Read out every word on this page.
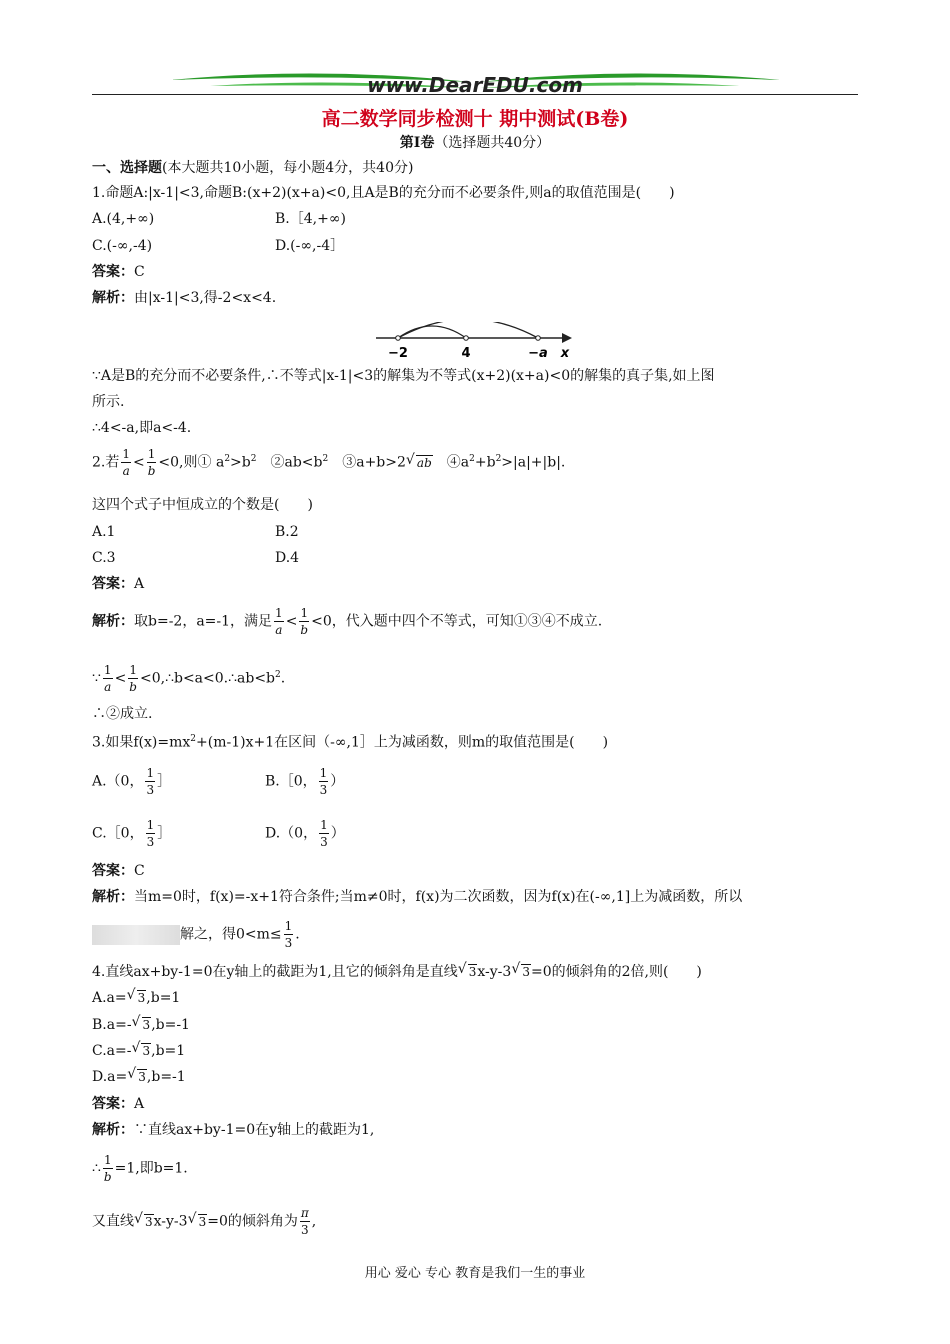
www.DearEDU.com
高二数学同步检测十 期中测试(B卷)
第Ⅰ卷（选择题共40分）
一、选择题(本大题共10小题，每小题4分，共40分)
1.命题A:|x-1|<3,命题B:(x+2)(x+a)<0,且A是B的充分而不必要条件,则a的取值范围是(　　)
A.(4,+∞)	B.［4,+∞)
C.(-∞,-4)	D.(-∞,-4］
答案：C
解析：由|x-1|<3,得-2<x<4.
−2	4	−a x
∵A是B的充分而不必要条件,∴不等式|x-1|<3的解集为不等式(x+2)(x+a)<0的解集的真子集,如上图
所示.
∴4<-a,即a<-4.
2.若 $\frac{1}{a} < \frac{1}{b} <0$,则① $a^2>b^2$　$②ab<b^2$　③a+b>2 √ ab　$④a^2+b^2>|a|+|b|$.
这四个式子中恒成立的个数是(　　)
A.1	B.2
C.3	D.4
答案：A
解析：取b=-2，a=-1，满足 $\frac{1}{a} < \frac{1}{b} <0$，代入题中四个不等式，可知①③④不成立.
∵ $\frac{1}{a} < \frac{1}{b}$ $<0,\therefore b<a<0.\therefore ab<b^2$.
∴②成立.
3.如果$f(x)=mx^2+(m-1)x+1$在区间（-∞,1］上为减函数，则m的取值范围是(　　)
A.（0， $\frac{1}{3}$ ］	B.［0， $\frac{1}{3}$ ）
C.［0， $\frac{1}{3}$ ］	D.（0， $\frac{1}{3}$ ）
答案：C
解析：当m=0时，f(x)=-x+1符合条件;当m≠0时，f(x)为二次函数，因为f(x)在(-∞,1]上为减函数，所以
解之，得$0<m\le \frac{1}{3}$ .
4.直线ax+by-1=0在y轴上的截距为1,且它的倾斜角是直线 √ 3x-y-3 √ 3=0的倾斜角的2倍,则(　　)
A.a= √ 3,b=1
B.a=- √ 3,b=-1
C.a=- √ 3,b=1
D.a= √ 3,b=-1
答案：A
解析：∵直线ax+by-1=0在y轴上的截距为1,
∴ $\frac{1}{b} =1$,即b=1.
又直线 √ 3x-y-3 √ 3=0的倾斜角为 $\frac{\pi}{3}$ ,
用心 爱心 专心 教育是我们一生的事业
